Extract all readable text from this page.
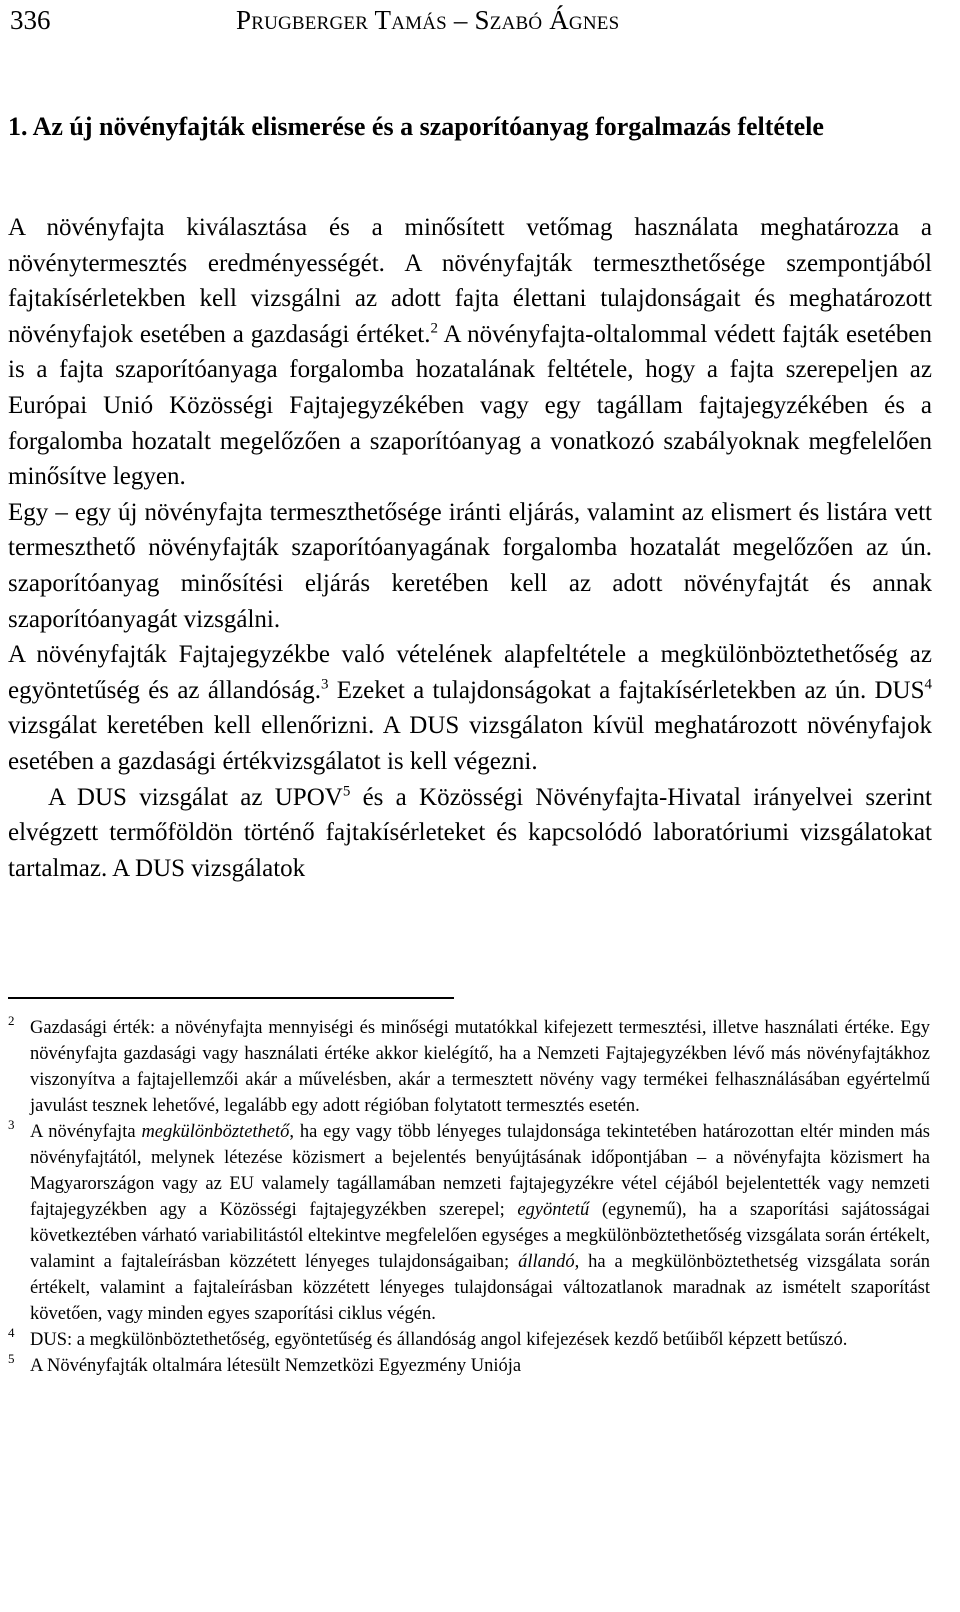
336	Prugberger Tamás – Szabó Ágnes
1. Az új növényfajták elismerése és a szaporítóanyag forgalmazás feltétele

A növényfajta kiválasztása és a minősített vetőmag használata meghatározza a növénytermesztés eredményességét. A növényfajták termeszthetősége szempontjából fajtakísérletekben kell vizsgálni az adott fajta élettani tulajdonságait és meghatározott növényfajok esetében a gazdasági értéket.$^2$ A növényfajta-oltalommal védett fajták esetében is a fajta szaporítóanyaga forgalomba hozatalának feltétele, hogy a fajta szerepeljen az Európai Unió Közösségi Fajtajegyzékében vagy egy tagállam fajtajegyzékében és a forgalomba hozatalt megelőzően a szaporítóanyag a vonatkozó szabályoknak megfelelően minősítve legyen.

Egy – egy új növényfajta termeszthetősége iránti eljárás, valamint az elismert és listára vett termeszthető növényfajták szaporítóanyagának forgalomba hozatalát megelőzően az ún. szaporítóanyag minősítési eljárás keretében kell az adott növényfajtát és annak szaporítóanyagát vizsgálni.

A növényfajták Fajtajegyzékbe való vételének alapfeltétele a megkülönböztethetőség az egyöntetűség és az állandóság.$^3$ Ezeket a tulajdonságokat a fajtakísérletekben az ún. DUS$^4$ vizsgálat keretében kell ellenőrizni. A DUS vizsgálaton kívül meghatározott növényfajok esetében a gazdasági értékvizsgálatot is kell végezni.

A DUS vizsgálat az UPOV$^5$ és a Közösségi Növényfajta-Hivatal irányelvei szerint elvégzett termőföldön történő fajtakísérleteket és kapcsolódó laboratóriumi vizsgálatokat tartalmaz. A DUS vizsgálatok

2 Gazdasági érték: a növényfajta mennyiségi és minőségi mutatókkal kifejezett termesztési, illetve használati értéke. Egy növényfajta gazdasági vagy használati értéke akkor kielégítő, ha a Nemzeti Fajtajegyzékben lévő más növényfajtákhoz viszonyítva a fajtajellemzői akár a művelésben, akár a termesztett növény vagy termékei felhasználásában egyértelmű javulást tesznek lehetővé, legalább egy adott régióban folytatott termesztés esetén.
3 A növényfajta megkülönböztethető, ha egy vagy több lényeges tulajdonsága tekintetében határozottan eltér minden más növényfajtától, melynek létezése közismert a bejelentés benyújtásának időpontjában – a növényfajta közismert ha Magyarországon vagy az EU valamely tagállamában nemzeti fajtajegyzékre vétel céjából bejelentették vagy nemzeti fajtajegyzékben agy a Közösségi fajtajegyzékben szerepel; egyöntetű (egynemű), ha a szaporítási sajátosságai következtében várható variabilitástól eltekintve megfelelően egységes a megkülönböztethetőség vizsgálata során értékelt, valamint a fajtaleírásban közzétett lényeges tulajdonságaiban; állandó, ha a megkülönböztethetség vizsgálata során értékelt, valamint a fajtaleírásban közzétett lényeges tulajdonságai változatlanok maradnak az ismételt szaporítást követően, vagy minden egyes szaporítási ciklus végén.
4 DUS: a megkülönböztethetőség, egyöntetűség és állandóság angol kifejezések kezdő betűiből képzett betűszó.
5 A Növényfajták oltalmára létesült Nemzetközi Egyezmény Uniója
